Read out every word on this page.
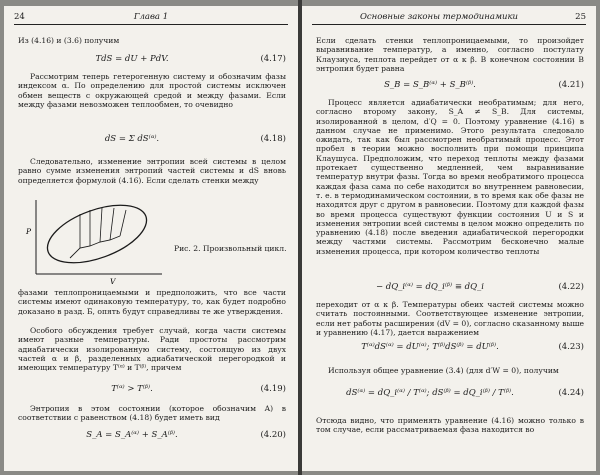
24	Глава 1

Из (4.16) и (3.6) получим

TdS = dU + PdV.	(4.17)

Рассмотрим теперь гетерогенную систему и обозначим фазы индексом α. По определению для простой системы исключен обмен веществ с окружающей средой и между фазами. Если между фазами невозможен теплообмен, то очевидно

dS = Σ dS⁽ᵅ⁾.	(4.18)

Следовательно, изменение энтропии всей системы в целом равно сумме изменения энтропий частей системы и dS вновь определяется формулой (4.16). Если сделать стенки между

P
V
Рис. 2. Произвольный цикл.

фазами теплопроницаемыми и предположить, что все части системы имеют одинаковую температуру, то, как будет подробно доказано в разд. Б, опять будут справедливы те же утверждения.

Особого обсуждения требует случай, когда части системы имеют разные температуры. Ради простоты рассмотрим адиабатически изолированную систему, состоящую из двух частей α и β, разделенных адиабатической перегородкой и имеющих температуру T⁽ᵅ⁾ и T⁽ᵝ⁾, причем

T⁽ᵅ⁾ > T⁽ᵝ⁾.	(4.19)

Энтропия в этом состоянии (которое обозначим A) в соответствии с равенством (4.18) будет иметь вид

S_A = S_A⁽ᵅ⁾ + S_A⁽ᵝ⁾.	(4.20)
Основные законы термодинамики	25

Если сделать стенки теплопроницаемыми, то произойдет выравнивание температур, а именно, согласно постулату Клаузиуса, теплота перейдет от α к β. В конечном состоянии B энтропия будет равна

S_B = S_B⁽ᵅ⁾ + S_B⁽ᵝ⁾.	(4.21)

Процесс является адиабатически необратимым; для него, согласно второму закону, S_A ≠ S_B. Для системы, изолированной в целом, d′Q = 0. Поэтому уравнение (4.16) в данном случае не применимо. Этого результата следовало ожидать, так как был рассмотрен необратимый процесс. Этот пробел в теории можно восполнить при помощи принципа Клаушуса. Предположим, что переход теплоты между фазами протекает существенно медленней, чем выравнивание температур внутри фазы. Тогда во время необратимого процесса каждая фаза сама по себе находится во внутреннем равновесии, т. е. в термодинамическом состоянии, в то время как обе фазы не находятся друг с другом в равновесии. Поэтому для каждой фазы во время процесса существуют функции состояния U и S и изменения энтропии всей системы в целом можно определить по уравнению (4.18) после введения адиабатической перегородки между частями системы. Рассмотрим бесконечно малые изменения процесса, при котором количество теплоты

− dQ_i⁽ᵅ⁾ = dQ_i⁽ᵝ⁾ ≡ dQ_i	(4.22)

переходит от α к β. Температуры обеих частей системы можно считать постоянными. Соответствующее изменение энтропии, если нет работы расширения (dV = 0), согласно сказанному выше и уравнению (4.17), дается выражением

T⁽ᵅ⁾dS⁽ᵅ⁾ = dU⁽ᵅ⁾; T⁽ᵝ⁾dS⁽ᵝ⁾ = dU⁽ᵝ⁾.	(4.23)

Используя общее уравнение (3.4) (для d′W = 0), получим

dS⁽ᵅ⁾ = dQ_i⁽ᵅ⁾ / T⁽ᵅ⁾; dS⁽ᵝ⁾ = dQ_i⁽ᵝ⁾ / T⁽ᵝ⁾.	(4.24)

Отсюда видно, что применять уравнение (4.16) можно только в том случае, если рассматриваемая фаза находится во
